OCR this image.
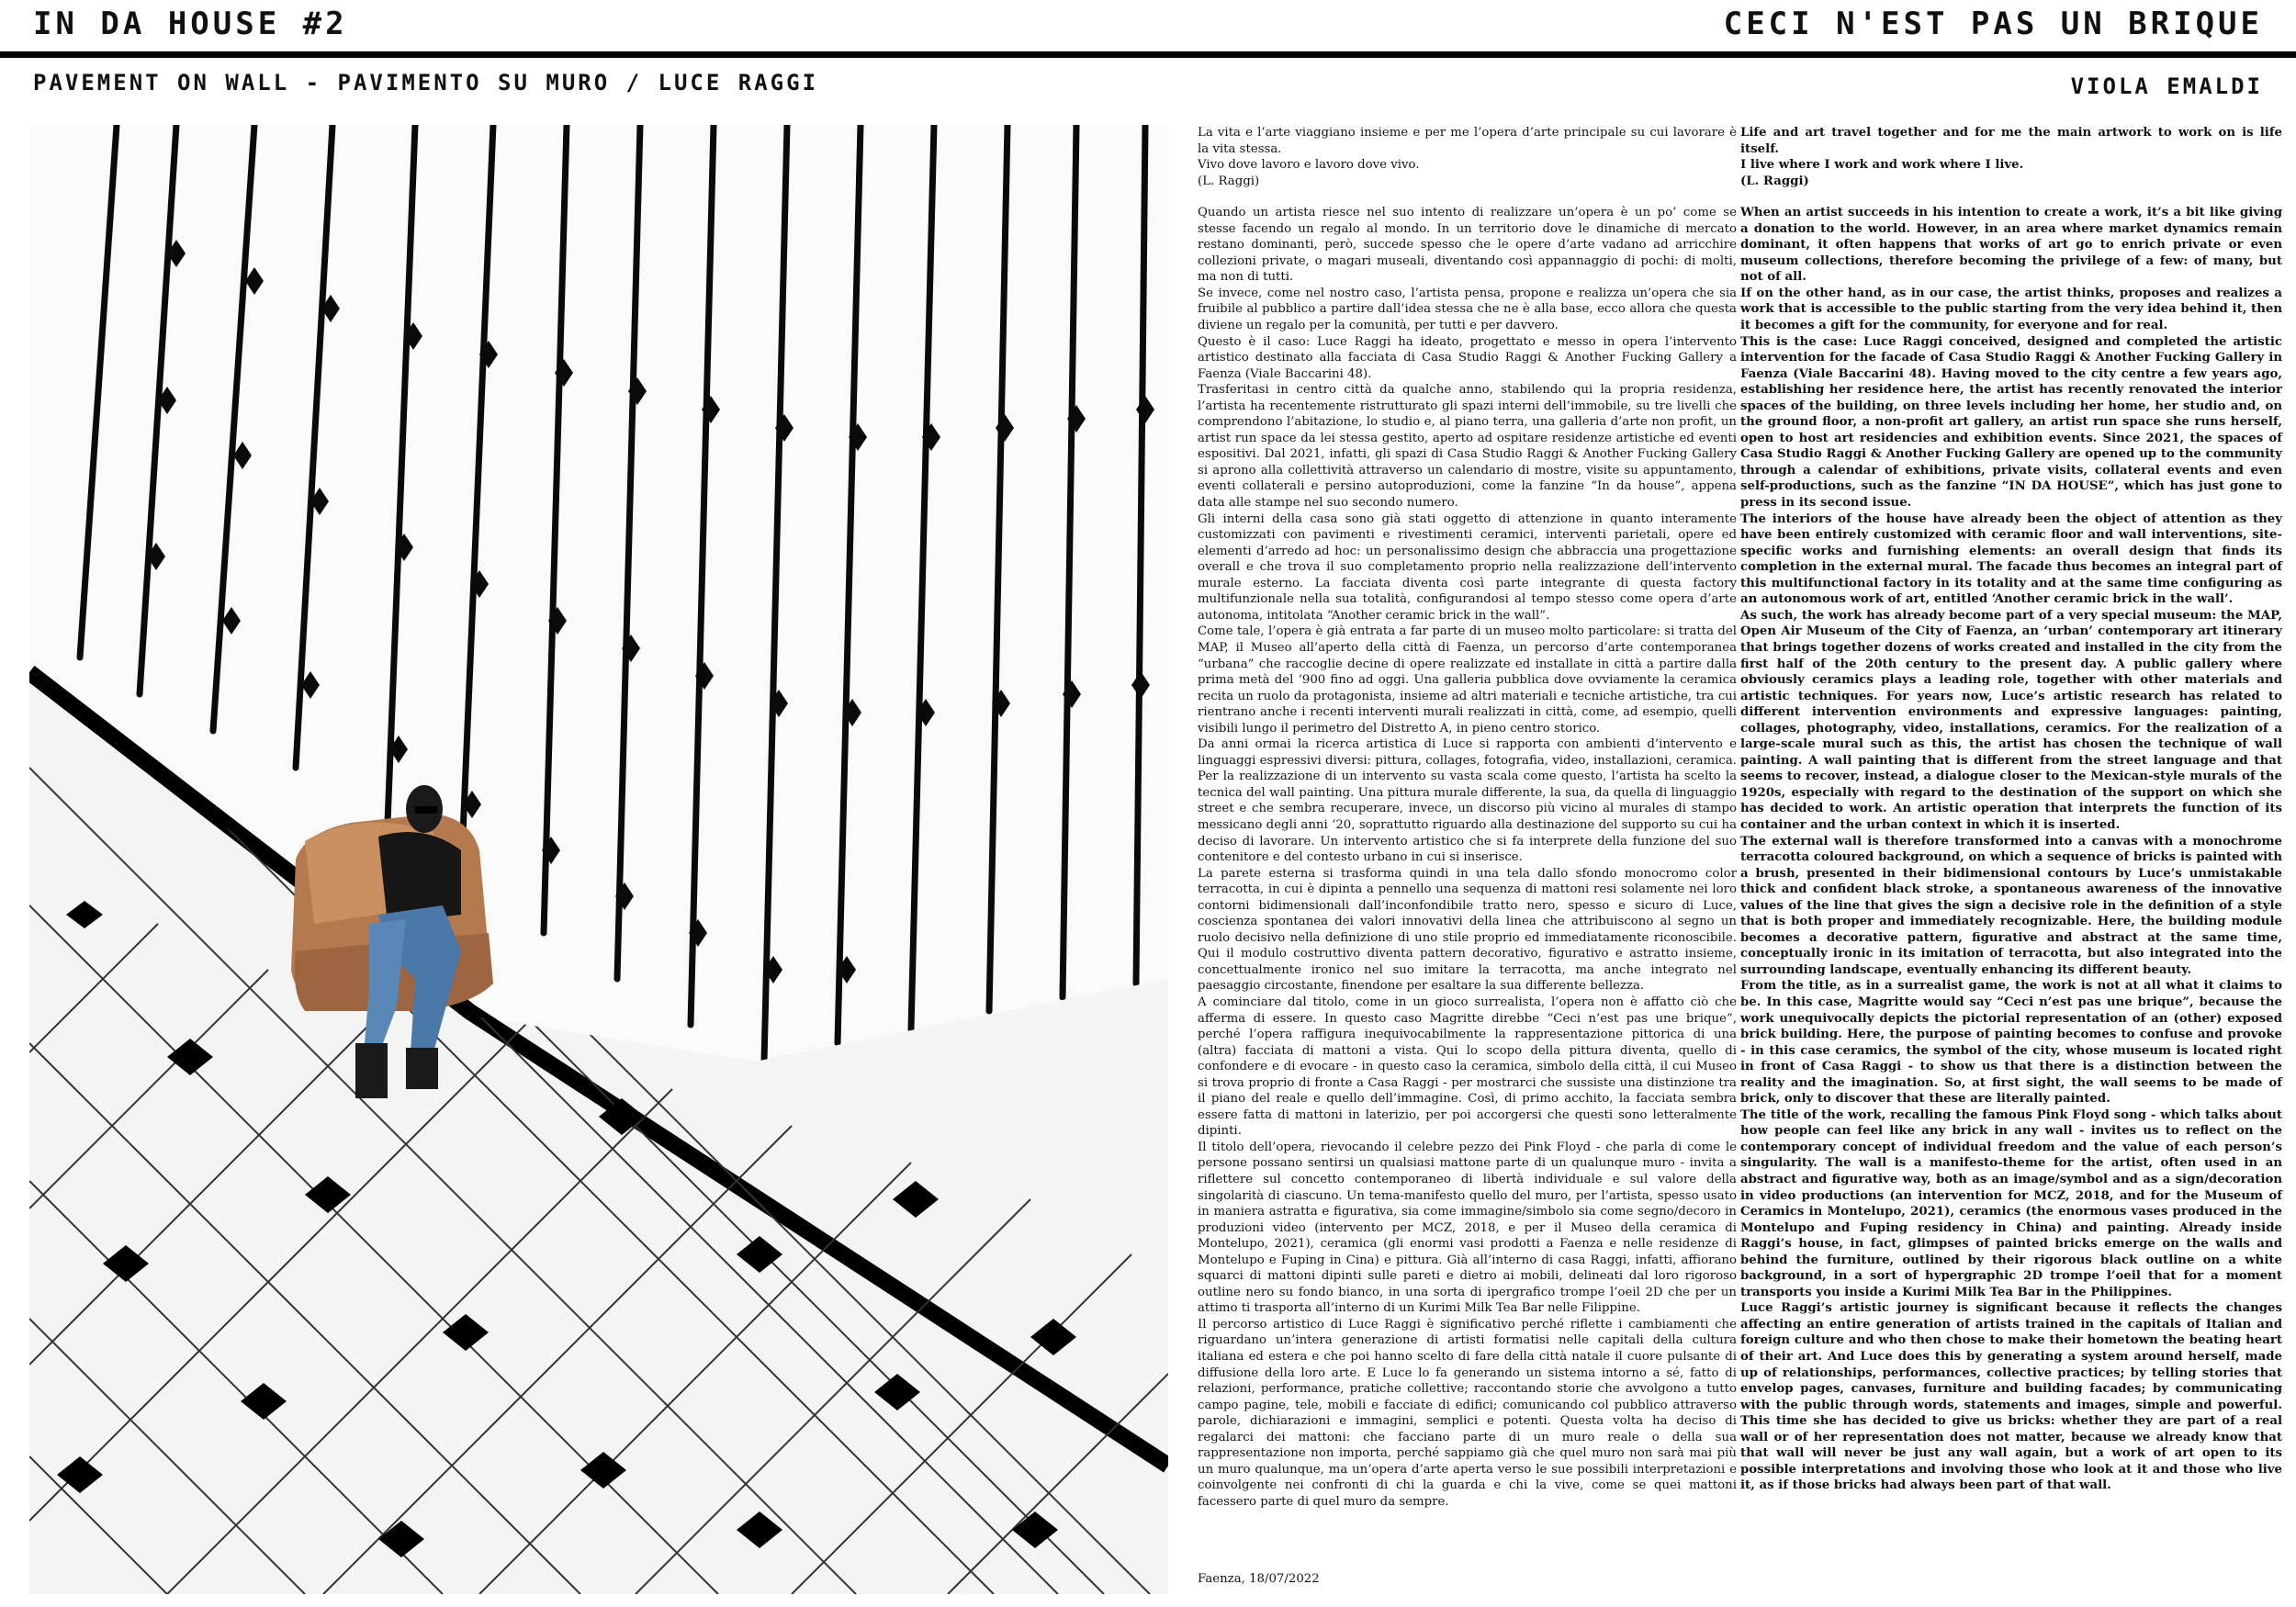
IN DA HOUSE #2	CECI N'EST PAS UN BRIQUE
PAVEMENT ON WALL - PAVIMENTO SU MURO / LUCE RAGGI	VIOLA EMALDI

La vita e l’arte viaggiano insieme e per me l’opera d’arte principale su cui lavorare è la vita stessa.

Vivo dove lavoro e lavoro dove vivo.

(L. Raggi)

Quando un artista riesce nel suo intento di realizzare un’opera è un po’ come se stesse facendo un regalo al mondo. In un territorio dove le dinamiche di mercato restano dominanti, però, succede spesso che le opere d’arte vadano ad arricchire collezioni private, o magari museali, diventando così appannaggio di pochi: di molti, ma non di tutti.

Se invece, come nel nostro caso, l’artista pensa, propone e realizza un’opera che sia fruibile al pubblico a partire dall’idea stessa che ne è alla base, ecco allora che questa diviene un regalo per la comunità, per tutti e per davvero.

Questo è il caso: Luce Raggi ha ideato, progettato e messo in opera l’intervento artistico destinato alla facciata di Casa Studio Raggi & Another Fucking Gallery a Faenza (Viale Baccarini 48).

Trasferitasi in centro città da qualche anno, stabilendo qui la propria residenza, l’artista ha recentemente ristrutturato gli spazi interni dell’immobile, su tre livelli che comprendono l’abitazione, lo studio e, al piano terra, una galleria d’arte non profit, un artist run space da lei stessa gestito, aperto ad ospitare residenze artistiche ed eventi espositivi. Dal 2021, infatti, gli spazi di Casa Studio Raggi & Another Fucking Gallery si aprono alla collettività attraverso un calendario di mostre, visite su appuntamento, eventi collaterali e persino autoproduzioni, come la fanzine “In da house”, appena data alle stampe nel suo secondo numero.

Gli interni della casa sono già stati oggetto di attenzione in quanto interamente customizzati con pavimenti e rivestimenti ceramici, interventi parietali, opere ed elementi d’arredo ad hoc: un personalissimo design che abbraccia una progettazione overall e che trova il suo completamento proprio nella realizzazione dell’intervento murale esterno. La facciata diventa così parte integrante di questa factory multifunzionale nella sua totalità, configurandosi al tempo stesso come opera d’arte autonoma, intitolata “Another ceramic brick in the wall”.

Come tale, l’opera è già entrata a far parte di un museo molto particolare: si tratta del MAP, il Museo all’aperto della città di Faenza, un percorso d’arte contemporanea “urbana” che raccoglie decine di opere realizzate ed installate in città a partire dalla prima metà del ‘900 fino ad oggi. Una galleria pubblica dove ovviamente la ceramica recita un ruolo da protagonista, insieme ad altri materiali e tecniche artistiche, tra cui rientrano anche i recenti interventi murali realizzati in città, come, ad esempio, quelli visibili lungo il perimetro del Distretto A, in pieno centro storico.

Da anni ormai la ricerca artistica di Luce si rapporta con ambienti d’intervento e linguaggi espressivi diversi: pittura, collages, fotografia, video, installazioni, ceramica. Per la realizzazione di un intervento su vasta scala come questo, l’artista ha scelto la tecnica del wall painting. Una pittura murale differente, la sua, da quella di linguaggio street e che sembra recuperare, invece, un discorso più vicino al murales di stampo messicano degli anni ‘20, soprattutto riguardo alla destinazione del supporto su cui ha deciso di lavorare. Un intervento artistico che si fa interprete della funzione del suo contenitore e del contesto urbano in cui si inserisce.

La parete esterna si trasforma quindi in una tela dallo sfondo monocromo color terracotta, in cui è dipinta a pennello una sequenza di mattoni resi solamente nei loro contorni bidimensionali dall’inconfondibile tratto nero, spesso e sicuro di Luce, coscienza spontanea dei valori innovativi della linea che attribuiscono al segno un ruolo decisivo nella definizione di uno stile proprio ed immediatamente riconoscibile. Qui il modulo costruttivo diventa pattern decorativo, figurativo e astratto insieme, concettualmente ironico nel suo imitare la terracotta, ma anche integrato nel paesaggio circostante, finendone per esaltare la sua differente bellezza.

A cominciare dal titolo, come in un gioco surrealista, l’opera non è affatto ciò che afferma di essere. In questo caso Magritte direbbe “Ceci n’est pas une brique”, perché l’opera raffigura inequivocabilmente la rappresentazione pittorica di una (altra) facciata di mattoni a vista. Qui lo scopo della pittura diventa, quello di confondere e di evocare - in questo caso la ceramica, simbolo della città, il cui Museo si trova proprio di fronte a Casa Raggi - per mostrarci che sussiste una distinzione tra il piano del reale e quello dell’immagine. Così, di primo acchito, la facciata sembra essere fatta di mattoni in laterizio, per poi accorgersi che questi sono letteralmente dipinti.

Il titolo dell’opera, rievocando il celebre pezzo dei Pink Floyd - che parla di come le persone possano sentirsi un qualsiasi mattone parte di un qualunque muro - invita a riflettere sul concetto contemporaneo di libertà individuale e sul valore della singolarità di ciascuno. Un tema-manifesto quello del muro, per l’artista, spesso usato in maniera astratta e figurativa, sia come immagine/simbolo sia come segno/decoro in produzioni video (intervento per MCZ, 2018, e per il Museo della ceramica di Montelupo, 2021), ceramica (gli enormi vasi prodotti a Faenza e nelle residenze di Montelupo e Fuping in Cina) e pittura. Già all’interno di casa Raggi, infatti, affiorano squarci di mattoni dipinti sulle pareti e dietro ai mobili, delineati dal loro rigoroso outline nero su fondo bianco, in una sorta di ipergrafico trompe l’oeil 2D che per un attimo ti trasporta all’interno di un Kurimi Milk Tea Bar nelle Filippine.

Il percorso artistico di Luce Raggi è significativo perché riflette i cambiamenti che riguardano un’intera generazione di artisti formatisi nelle capitali della cultura italiana ed estera e che poi hanno scelto di fare della città natale il cuore pulsante di diffusione della loro arte. E Luce lo fa generando un sistema intorno a sé, fatto di relazioni, performance, pratiche collettive; raccontando storie che avvolgono a tutto campo pagine, tele, mobili e facciate di edifici; comunicando col pubblico attraverso parole, dichiarazioni e immagini, semplici e potenti. Questa volta ha deciso di regalarci dei mattoni: che facciano parte di un muro reale o della sua rappresentazione non importa, perché sappiamo già che quel muro non sarà mai più un muro qualunque, ma un’opera d’arte aperta verso le sue possibili interpretazioni e coinvolgente nei confronti di chi la guarda e chi la vive, come se quei mattoni facessero parte di quel muro da sempre.

Faenza, 18/07/2022

Life and art travel together and for me the main artwork to work on is life itself.

I live where I work and work where I live.

(L. Raggi)

When an artist succeeds in his intention to create a work, it’s a bit like giving a donation to the world. However, in an area where market dynamics remain dominant, it often happens that works of art go to enrich private or even museum collections, therefore becoming the privilege of a few: of many, but not of all.

If on the other hand, as in our case, the artist thinks, proposes and realizes a work that is accessible to the public starting from the very idea behind it, then it becomes a gift for the community, for everyone and for real.

This is the case: Luce Raggi conceived, designed and completed the artistic intervention for the facade of Casa Studio Raggi & Another Fucking Gallery in Faenza (Viale Baccarini 48). Having moved to the city centre a few years ago, establishing her residence here, the artist has recently renovated the interior spaces of the building, on three levels including her home, her studio and, on the ground floor, a non-profit art gallery, an artist run space she runs herself, open to host art residencies and exhibition events. Since 2021, the spaces of Casa Studio Raggi & Another Fucking Gallery are opened up to the community through a calendar of exhibitions, private visits, collateral events and even self-productions, such as the fanzine “IN DA HOUSE”, which has just gone to press in its second issue.

The interiors of the house have already been the object of attention as they have been entirely customized with ceramic floor and wall interventions, site-specific works and furnishing elements: an overall design that finds its completion in the external mural. The facade thus becomes an integral part of this multifunctional factory in its totality and at the same time configuring as an autonomous work of art, entitled ‘Another ceramic brick in the wall’.

As such, the work has already become part of a very special museum: the MAP, Open Air Museum of the City of Faenza, an ‘urban’ contemporary art itinerary that brings together dozens of works created and installed in the city from the first half of the 20th century to the present day. A public gallery where obviously ceramics plays a leading role, together with other materials and artistic techniques. For years now, Luce’s artistic research has related to different intervention environments and expressive languages: painting, collages, photography, video, installations, ceramics. For the realization of a large-scale mural such as this, the artist has chosen the technique of wall painting. A wall painting that is different from the street language and that seems to recover, instead, a dialogue closer to the Mexican-style murals of the 1920s, especially with regard to the destination of the support on which she has decided to work. An artistic operation that interprets the function of its container and the urban context in which it is inserted.

The external wall is therefore transformed into a canvas with a monochrome terracotta coloured background, on which a sequence of bricks is painted with a brush, presented in their bidimensional contours by Luce’s unmistakable thick and confident black stroke, a spontaneous awareness of the innovative values of the line that gives the sign a decisive role in the definition of a style that is both proper and immediately recognizable. Here, the building module becomes a decorative pattern, figurative and abstract at the same time, conceptually ironic in its imitation of terracotta, but also integrated into the surrounding landscape, eventually enhancing its different beauty.

From the title, as in a surrealist game, the work is not at all what it claims to be. In this case, Magritte would say “Ceci n’est pas une brique”, because the work unequivocally depicts the pictorial representation of an (other) exposed brick building. Here, the purpose of painting becomes to confuse and provoke - in this case ceramics, the symbol of the city, whose museum is located right in front of Casa Raggi - to show us that there is a distinction between the reality and the imagination. So, at first sight, the wall seems to be made of brick, only to discover that these are literally painted.

The title of the work, recalling the famous Pink Floyd song - which talks about how people can feel like any brick in any wall - invites us to reflect on the contemporary concept of individual freedom and the value of each person’s singularity. The wall is a manifesto-theme for the artist, often used in an abstract and figurative way, both as an image/symbol and as a sign/decoration in video productions (an intervention for MCZ, 2018, and for the Museum of Ceramics in Montelupo, 2021), ceramics (the enormous vases produced in the Montelupo and Fuping residency in China) and painting. Already inside Raggi’s house, in fact, glimpses of painted bricks emerge on the walls and behind the furniture, outlined by their rigorous black outline on a white background, in a sort of hypergraphic 2D trompe l’oeil that for a moment transports you inside a Kurimi Milk Tea Bar in the Philippines.

Luce Raggi’s artistic journey is significant because it reflects the changes affecting an entire generation of artists trained in the capitals of Italian and foreign culture and who then chose to make their hometown the beating heart of their art. And Luce does this by generating a system around herself, made up of relationships, performances, collective practices; by telling stories that envelop pages, canvases, furniture and building facades; by communicating with the public through words, statements and images, simple and powerful. This time she has decided to give us bricks: whether they are part of a real wall or of her representation does not matter, because we already know that that wall will never be just any wall again, but a work of art open to its possible interpretations and involving those who look at it and those who live it, as if those bricks had always been part of that wall.
